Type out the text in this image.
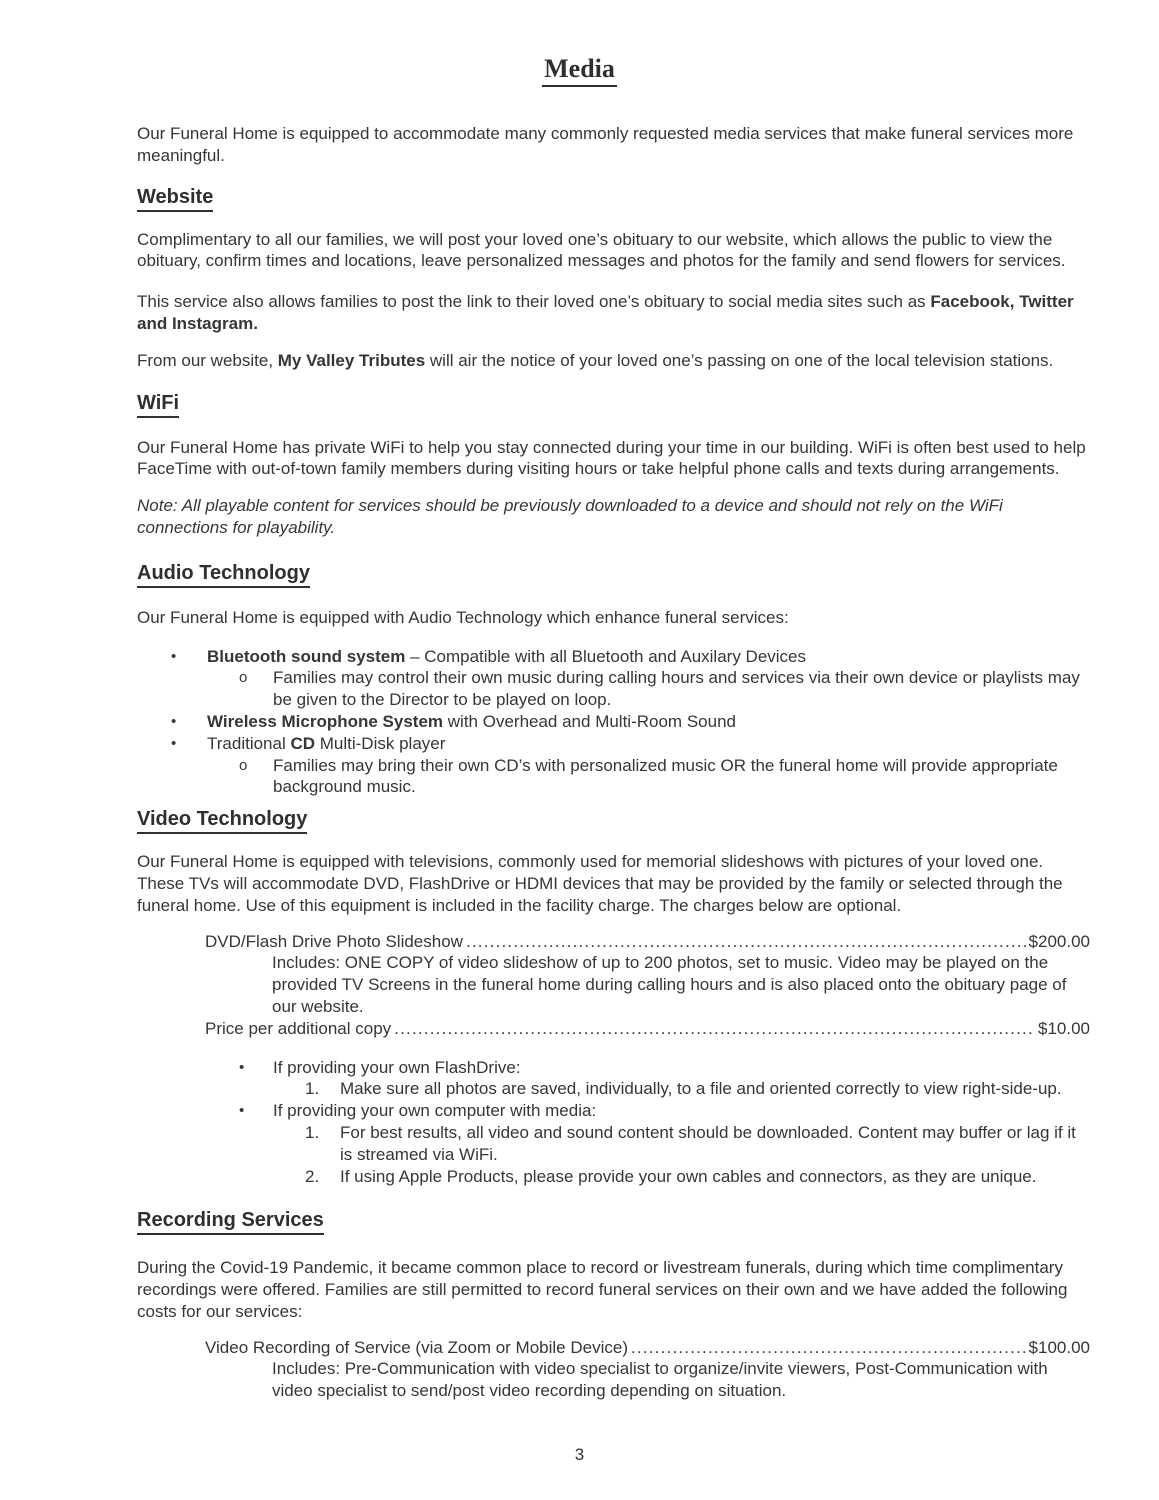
Media

Our Funeral Home is equipped to accommodate many commonly requested media services that make funeral services more meaningful.

Website

Complimentary to all our families, we will post your loved one’s obituary to our website, which allows the public to view the obituary, confirm times and locations, leave personalized messages and photos for the family and send flowers for services.

This service also allows families to post the link to their loved one’s obituary to social media sites such as Facebook, Twitter and Instagram.

From our website, My Valley Tributes will air the notice of your loved one’s passing on one of the local television stations.

WiFi

Our Funeral Home has private WiFi to help you stay connected during your time in our building. WiFi is often best used to help FaceTime with out-of-town family members during visiting hours or take helpful phone calls and texts during arrangements.

Note: All playable content for services should be previously downloaded to a device and should not rely on the WiFi connections for playability.

Audio Technology

Our Funeral Home is equipped with Audio Technology which enhance funeral services:

•	Bluetooth sound system – Compatible with all Bluetooth and Auxilary Devices
o	Families may control their own music during calling hours and services via their own device or playlists may be given to the Director to be played on loop.
•	Wireless Microphone System with Overhead and Multi-Room Sound
•	Traditional CD Multi-Disk player
o	Families may bring their own CD’s with personalized music OR the funeral home will provide appropriate background music.
Video Technology

Our Funeral Home is equipped with televisions, commonly used for memorial slideshows with pictures of your loved one. These TVs will accommodate DVD, FlashDrive or HDMI devices that may be provided by the family or selected through the funeral home. Use of this equipment is included in the facility charge. The charges below are optional.

DVD/Flash Drive Photo Slideshow .....	$200.00

Includes: ONE COPY of video slideshow of up to 200 photos, set to music. Video may be played on the provided TV Screens in the funeral home during calling hours and is also placed onto the obituary page of our website.

Price per additional copy .....	$10.00
•	If providing your own FlashDrive:
1.	Make sure all photos are saved, individually, to a file and oriented correctly to view right-side-up.
•	If providing your own computer with media:
1.	For best results, all video and sound content should be downloaded. Content may buffer or lag if it is streamed via WiFi.
2.	If using Apple Products, please provide your own cables and connectors, as they are unique.
Recording Services

During the Covid-19 Pandemic, it became common place to record or livestream funerals, during which time complimentary recordings were offered. Families are still permitted to record funeral services on their own and we have added the following costs for our services:

Video Recording of Service (via Zoom or Mobile Device) .....	$100.00

Includes: Pre-Communication with video specialist to organize/invite viewers, Post-Communication with video specialist to send/post video recording depending on situation.

3
